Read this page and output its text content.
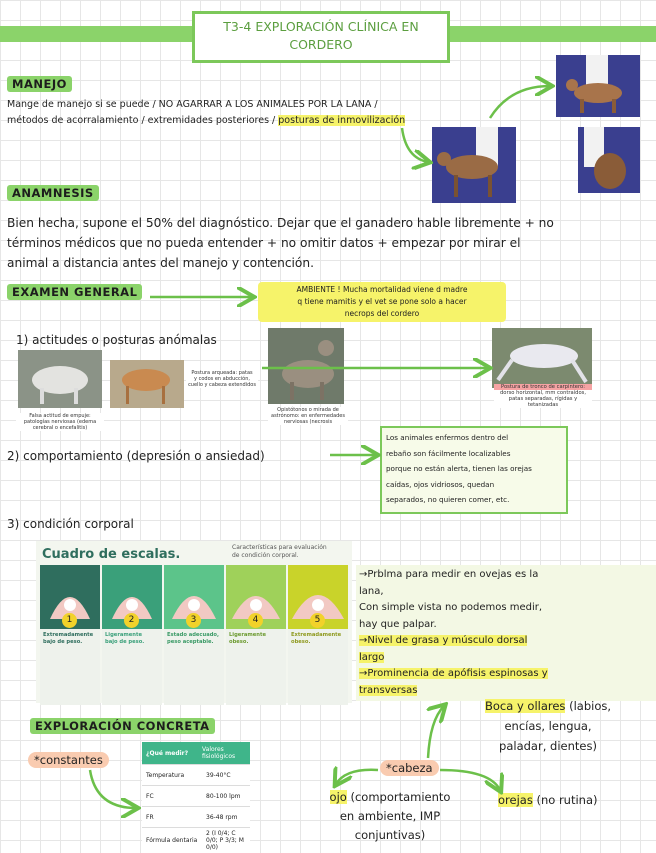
T3-4 EXPLORACIÓN CLÍNICA EN
CORDERO
MANEJO
Mange de manejo si se puede / NO AGARRAR A LOS ANIMALES POR LA LANA /
métodos de acorralamiento / extremidades posteriores / posturas de inmovilización
ANAMNESIS
Bien hecha, supone el 50% del diagnóstico. Dejar que el ganadero hable libremente + no
términos médicos que no pueda entender + no omitir datos + empezar por mirar el
animal a distancia antes del manejo y contención.
EXAMEN GENERAL	AMBIENTE ! Mucha mortalidad viene d madre
q tiene mamitis y el vet se pone solo a hacer
necrops del cordero
1) actitudes o posturas anómalas
Falsa actitud de empuje:
patologías nerviosas (edema
cerebral o encefalitis)
Postura arqueada: patas
y codos en abducción,
cuello y cabeza extendidos
Opistótonos o mirada de
astrónomo: en enfermedades
nerviosas (necrosis
Postura de tronco de carpintero:
dorso horizontal, mm contraídos,
patas separadas, rígidas y tetanizadas
2) comportamiento (depresión o ansiedad)
Los animales enfermos dentro del
rebaño son fácilmente localizables
porque no están alerta, tienen las orejas
caídas, ojos vidriosos, quedan
separados, no quieren comer, etc.
3) condición corporal
Cuadro de escalas.	Características para evaluación
de condición corporal.
1
Extremadamente
bajo de peso.
2
Ligeramente
bajo de peso.
3
Estado adecuado,
peso aceptable.
4
Ligeramente
obeso.
5
Extremadamente
obeso.
→Prblma para medir en ovejas es la
lana,
Con simple vista no podemos medir,
hay que palpar.
→Nivel de grasa y músculo dorsal
largo
→Prominencia de apófisis espinosas y
transversas
EXPLORACIÓN CONCRETA
*constantes	¿Qué medir?	Valores fisiológicos
Temperatura	39-40°C
FC	80-100 lpm
FR	36-48 rpm
Fórmula dentaria	2 (I 0/4; C 0/0; P 3/3; M 0/0)
*cabeza
Boca y ollares (labios,
encías, lengua,
paladar, dientes)
ojo (comportamiento
en ambiente, IMP
conjuntivas)
orejas (no rutina)
